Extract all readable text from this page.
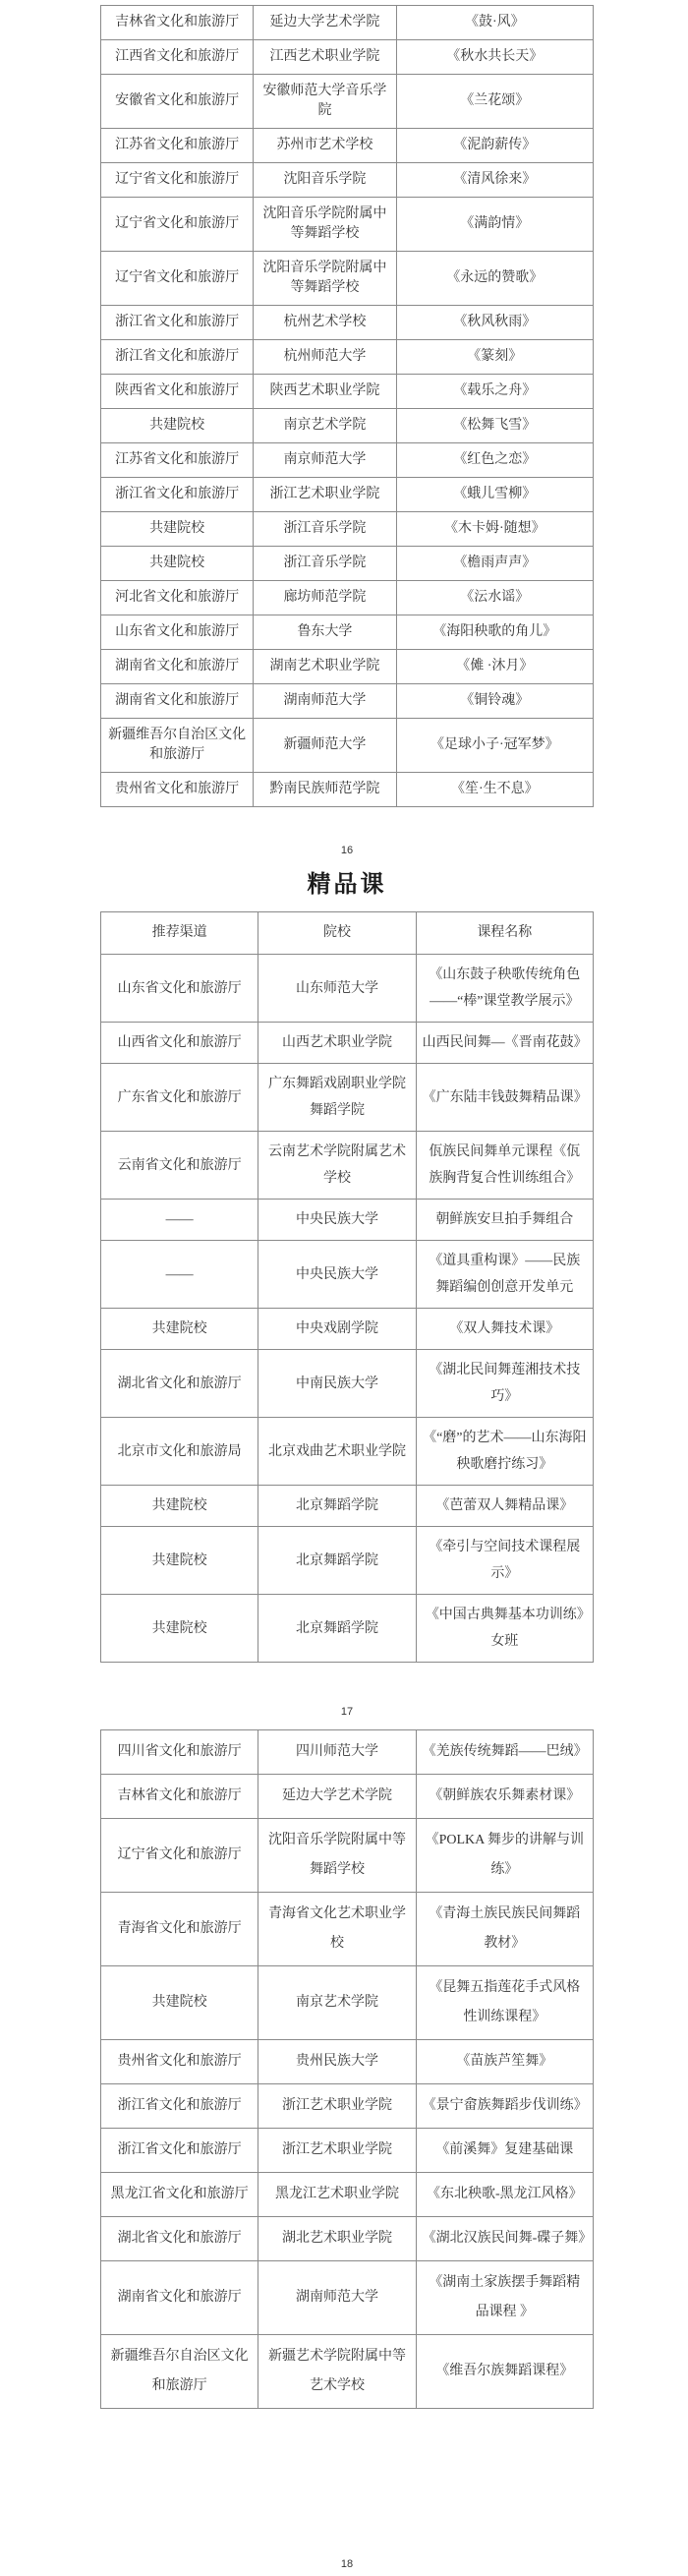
吉林省文化和旅游厅	延边大学艺术学院	《鼓·风》
江西省文化和旅游厅	江西艺术职业学院	《秋水共长天》
安徽省文化和旅游厅	安徽师范大学音乐学院	《兰花颂》
江苏省文化和旅游厅	苏州市艺术学校	《泥韵薪传》
辽宁省文化和旅游厅	沈阳音乐学院	《清风徐来》
辽宁省文化和旅游厅	沈阳音乐学院附属中等舞蹈学校	《满韵情》
辽宁省文化和旅游厅	沈阳音乐学院附属中等舞蹈学校	《永远的赞歌》
浙江省文化和旅游厅	杭州艺术学校	《秋风秋雨》
浙江省文化和旅游厅	杭州师范大学	《篆刻》
陕西省文化和旅游厅	陕西艺术职业学院	《载乐之舟》
共建院校	南京艺术学院	《松舞飞雪》
江苏省文化和旅游厅	南京师范大学	《红色之恋》
浙江省文化和旅游厅	浙江艺术职业学院	《蛾儿雪柳》
共建院校	浙江音乐学院	《木卡姆·随想》
共建院校	浙江音乐学院	《檐雨声声》
河北省文化和旅游厅	廊坊师范学院	《沄水谣》
山东省文化和旅游厅	鲁东大学	《海阳秧歌的角儿》
湖南省文化和旅游厅	湖南艺术职业学院	《傩 ·沐月》
湖南省文化和旅游厅	湖南师范大学	《铜铃魂》
新疆维吾尔自治区文化和旅游厅	新疆师范大学	《足球小子·冠军梦》
贵州省文化和旅游厅	黔南民族师范学院	《笙·生不息》
16
精品课
推荐渠道	院校	课程名称
山东省文化和旅游厅	山东师范大学	《山东鼓子秧歌传统角色——“棒”课堂教学展示》
山西省文化和旅游厅	山西艺术职业学院	山西民间舞—《晋南花鼓》
广东省文化和旅游厅	广东舞蹈戏剧职业学院舞蹈学院	《广东陆丰钱鼓舞精品课》
云南省文化和旅游厅	云南艺术学院附属艺术学校	佤族民间舞单元课程《佤族胸背复合性训练组合》
——	中央民族大学	朝鲜族安旦拍手舞组合
——	中央民族大学	《道具重构课》——民族舞蹈编创创意开发单元
共建院校	中央戏剧学院	《双人舞技术课》
湖北省文化和旅游厅	中南民族大学	《湖北民间舞莲湘技术技巧》
北京市文化和旅游局	北京戏曲艺术职业学院	《“磨”的艺术——山东海阳秧歌磨拧练习》
共建院校	北京舞蹈学院	《芭蕾双人舞精品课》
共建院校	北京舞蹈学院	《牵引与空间技术课程展示》
共建院校	北京舞蹈学院	《中国古典舞基本功训练》女班
17
四川省文化和旅游厅	四川师范大学	《羌族传统舞蹈——巴绒》
吉林省文化和旅游厅	延边大学艺术学院	《朝鲜族农乐舞素材课》
辽宁省文化和旅游厅	沈阳音乐学院附属中等舞蹈学校	《POLKA 舞步的讲解与训练》
青海省文化和旅游厅	青海省文化艺术职业学校	《青海土族民族民间舞蹈教材》
共建院校	南京艺术学院	《昆舞五指莲花手式风格性训练课程》
贵州省文化和旅游厅	贵州民族大学	《苗族芦笙舞》
浙江省文化和旅游厅	浙江艺术职业学院	《景宁畲族舞蹈步伐训练》
浙江省文化和旅游厅	浙江艺术职业学院	《前溪舞》复建基础课
黑龙江省文化和旅游厅	黑龙江艺术职业学院	《东北秧歌-黑龙江风格》
湖北省文化和旅游厅	湖北艺术职业学院	《湖北汉族民间舞-碟子舞》
湖南省文化和旅游厅	湖南师范大学	《湖南土家族摆手舞蹈精品课程 》
新疆维吾尔自治区文化和旅游厅	新疆艺术学院附属中等艺术学校	《维吾尔族舞蹈课程》
18
